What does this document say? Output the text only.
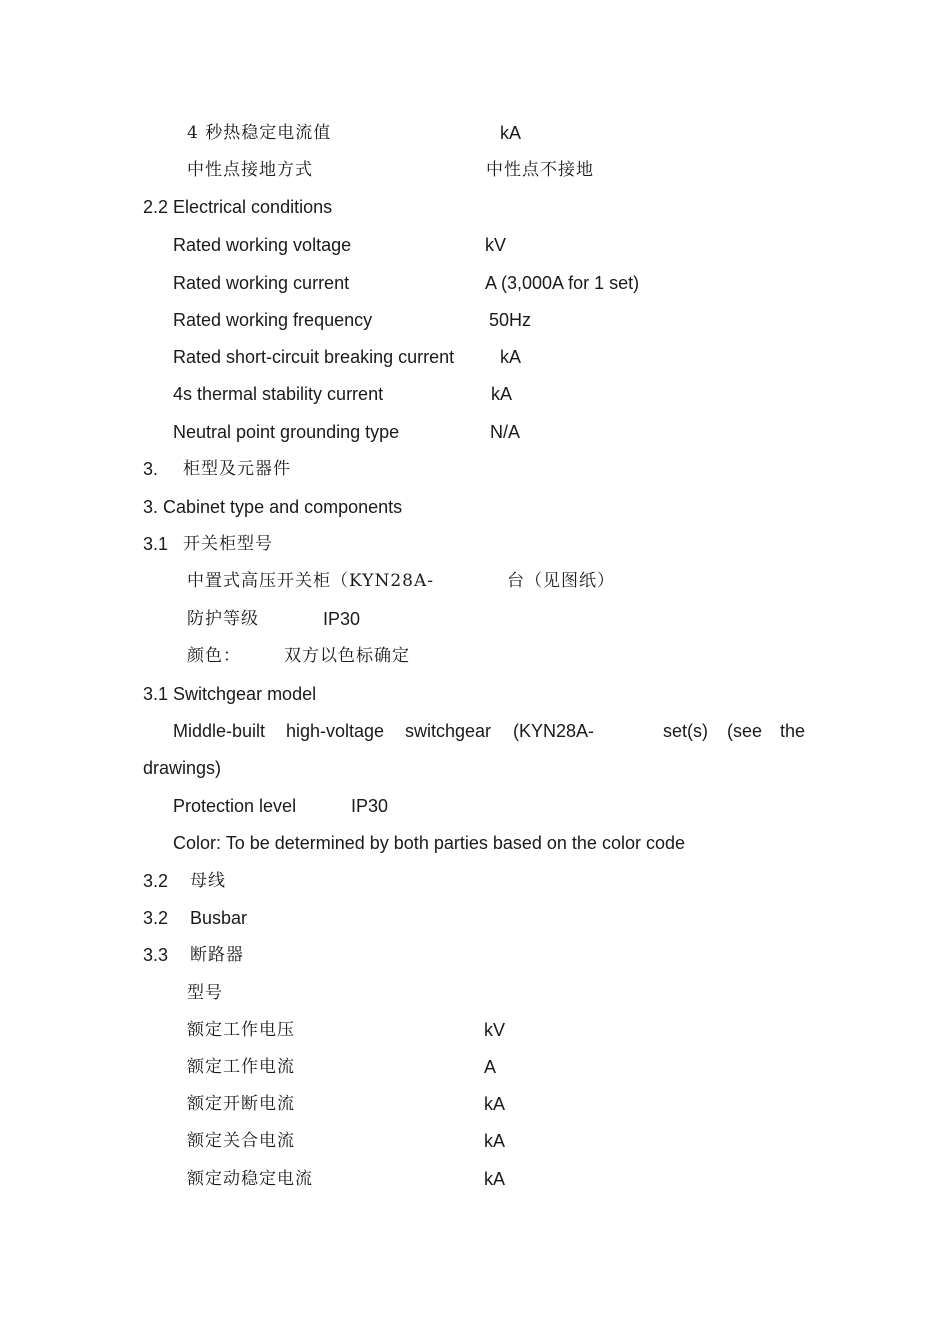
4 秒热稳定电流值	kA
中性点接地方式	中性点不接地
2.2 Electrical conditions
Rated working voltage	kV
Rated working current	A (3,000A for 1 set)
Rated working frequency	50Hz
Rated short-circuit breaking current	kA
4s thermal stability current	kA
Neutral point grounding type	N/A
3. 柜型及元器件
3. Cabinet type and components
3.1 开关柜型号
中置式高压开关柜（KYN28A-	台（见图纸）
防护等级	IP30
颜色：	双方以色标确定
3.1 Switchgear model
Middle-built high-voltage switchgear (KYN28A-	set(s) (see the
drawings)
Protection level	IP30
Color: To be determined by both parties based on the color code
3.2 母线
3.2 Busbar
3.3 断路器
型号
额定工作电压	kV
额定工作电流	A
额定开断电流	kA
额定关合电流	kA
额定动稳定电流	kA
